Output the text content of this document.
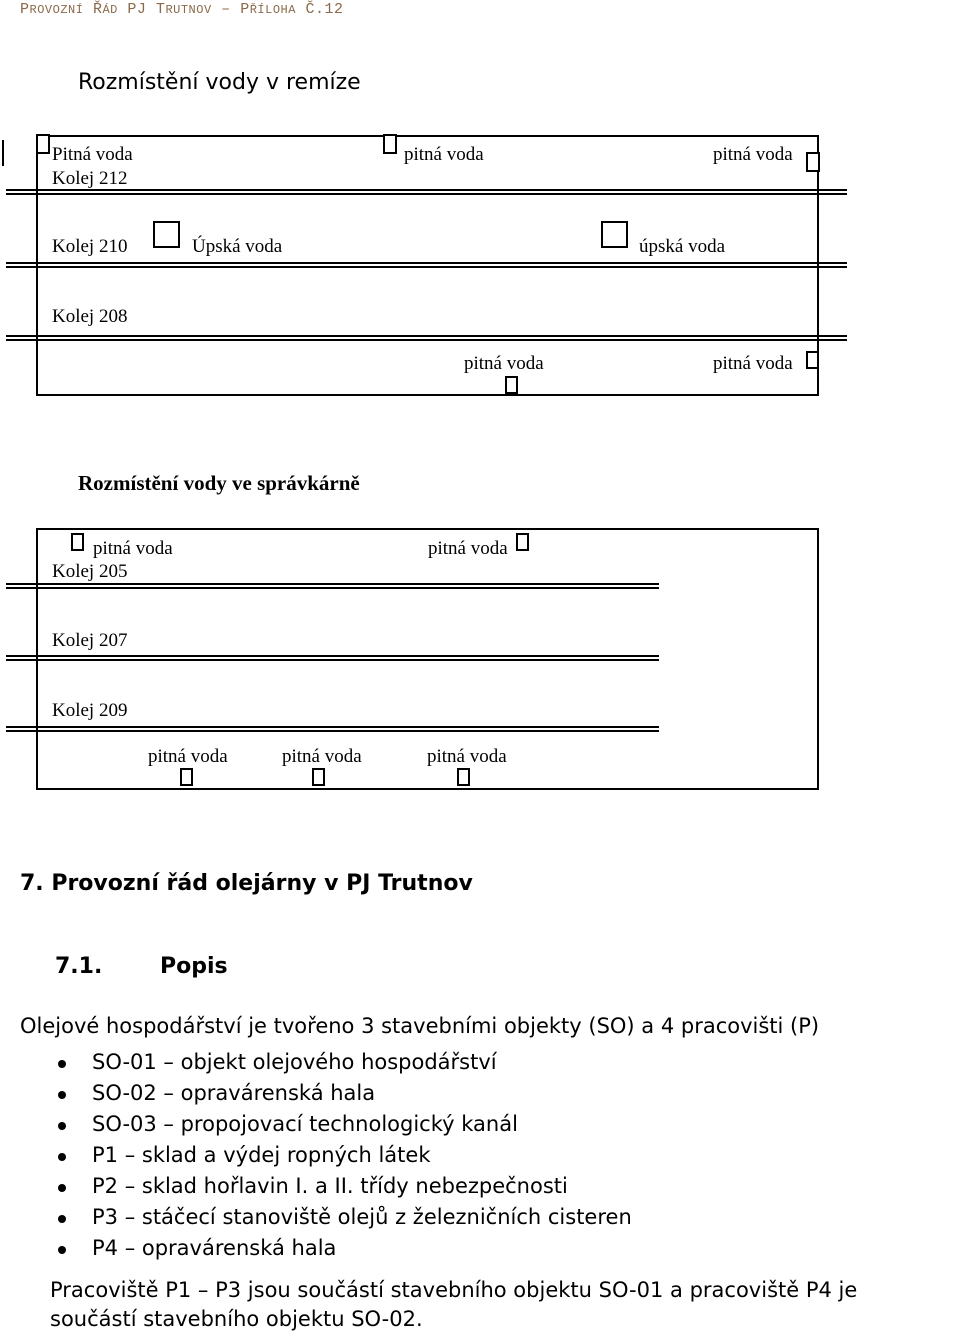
PROVOZNÍ ŘÁD PJ TRUTNOV – PŘÍLOHA Č.12
Rozmístění vody v remíze
Pitná voda
Kolej 212
pitná voda	pitná voda
Kolej 210	Úpská voda	úpská voda
Kolej 208
pitná voda	pitná voda
Rozmístění vody ve správkárně
pitná voda	pitná voda
Kolej 205
Kolej 207
Kolej 209
pitná voda	pitná voda	pitná voda
7. Provozní řád olejárny v PJ Trutnov
7.1.	Popis
Olejové hospodářství je tvořeno 3 stavebními objekty (SO) a 4 pracovišti (P)
SO-01 – objekt olejového hospodářství
SO-02 – opravárenská hala
SO-03 – propojovací technologický kanál
P1 – sklad a výdej ropných látek
P2 – sklad hořlavin I. a II. třídy nebezpečnosti
P3 – stáčecí stanoviště olejů z železničních cisteren
P4 – opravárenská hala
Pracoviště P1 – P3 jsou součástí stavebního objektu SO-01 a pracoviště P4 je
součástí stavebního objektu SO-02.
